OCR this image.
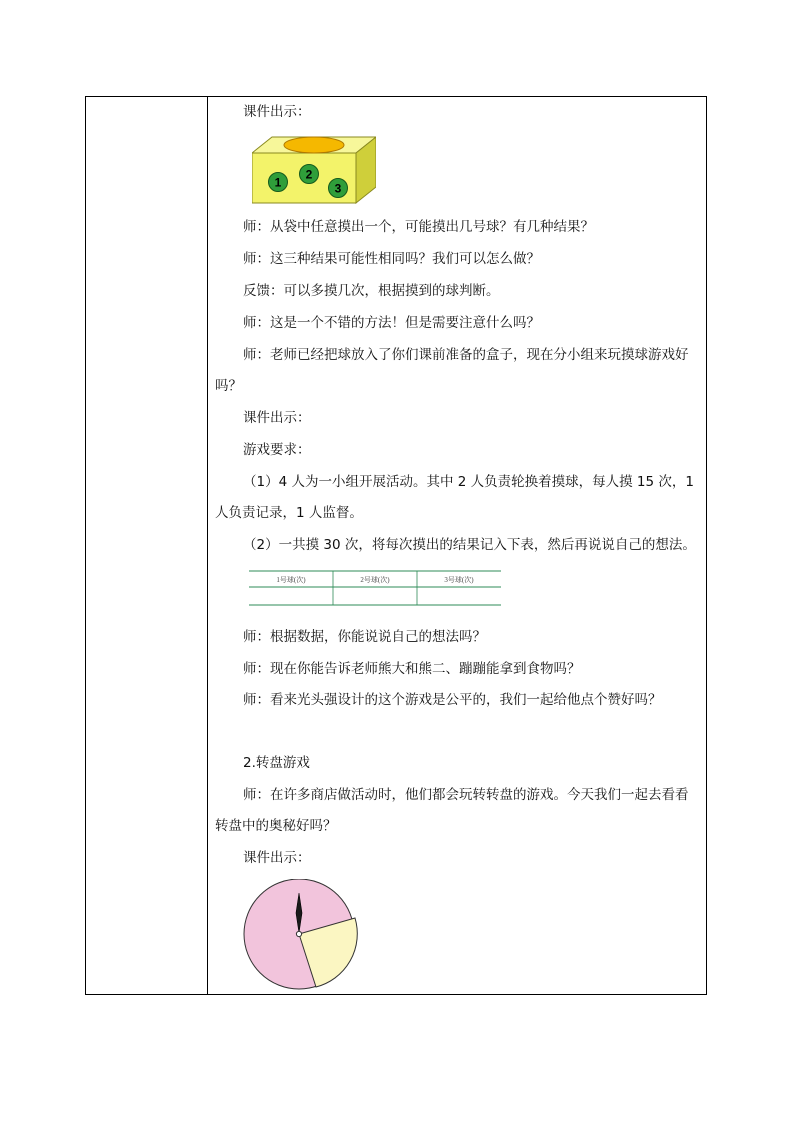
课件出示：
1
2
3
师：从袋中任意摸出一个，可能摸出几号球？有几种结果？
师：这三种结果可能性相同吗？我们可以怎么做？
反馈：可以多摸几次，根据摸到的球判断。
师：这是一个不错的方法！但是需要注意什么吗？
师：老师已经把球放入了你们课前准备的盒子，现在分小组来玩摸球游戏好
吗？
课件出示：
游戏要求：
（1）4 人为一小组开展活动。其中 2 人负责轮换着摸球，每人摸 15 次，1
人负责记录，1 人监督。
（2）一共摸 30 次，将每次摸出的结果记入下表，然后再说说自己的想法。
1号球(次)	2号球(次)	3号球(次)
师：根据数据，你能说说自己的想法吗？
师：现在你能告诉老师熊大和熊二、蹦蹦能拿到食物吗？
师：看来光头强设计的这个游戏是公平的，我们一起给他点个赞好吗？
2.转盘游戏
师：在许多商店做活动时，他们都会玩转转盘的游戏。今天我们一起去看看
转盘中的奥秘好吗？
课件出示：
